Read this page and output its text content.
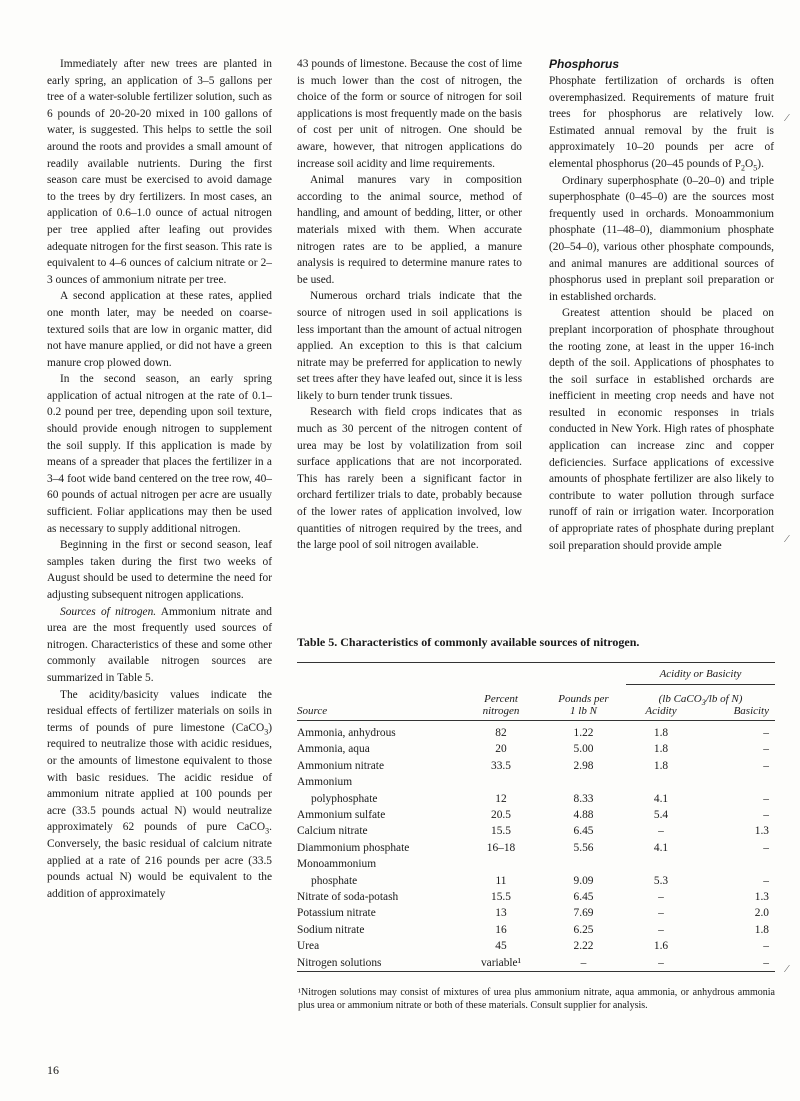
Immediately after new trees are planted in early spring, an application of 3–5 gallons per tree of a water-soluble fertilizer solution, such as 6 pounds of 20-20-20 mixed in 100 gallons of water, is suggested. This helps to settle the soil around the roots and provides a small amount of readily available nutrients. During the first season care must be exercised to avoid damage to the trees by dry fertilizers. In most cases, an application of 0.6–1.0 ounce of actual nitrogen per tree applied after leafing out provides adequate nitrogen for the first season. This rate is equivalent to 4–6 ounces of calcium nitrate or 2–3 ounces of ammonium nitrate per tree.

A second application at these rates, applied one month later, may be needed on coarse-textured soils that are low in organic matter, did not have manure applied, or did not have a green manure crop plowed down.

In the second season, an early spring application of actual nitrogen at the rate of 0.1–0.2 pound per tree, depending upon soil texture, should provide enough nitrogen to supplement the soil supply. If this application is made by means of a spreader that places the fertilizer in a 3–4 foot wide band centered on the tree row, 40–60 pounds of actual nitrogen per acre are usually sufficient. Foliar applications may then be used as necessary to supply additional nitrogen.

Beginning in the first or second season, leaf samples taken during the first two weeks of August should be used to determine the need for adjusting subsequent nitrogen applications.

Sources of nitrogen. Ammonium nitrate and urea are the most frequently used sources of nitrogen. Characteristics of these and some other commonly available nitrogen sources are summarized in Table 5.

The acidity/basicity values indicate the residual effects of fertilizer materials on soils in terms of pounds of pure limestone (CaCO$_3$) required to neutralize those with acidic residues, or the amounts of limestone equivalent to those with basic residues. The acidic residue of ammonium nitrate applied at 100 pounds per acre (33.5 pounds actual N) would neutralize approximately 62 pounds of pure CaCO$_3$. Conversely, the basic residual of calcium nitrate applied at a rate of 216 pounds per acre (33.5 pounds actual N) would be equivalent to the addition of approximately

43 pounds of limestone. Because the cost of lime is much lower than the cost of nitrogen, the choice of the form or source of nitrogen for soil applications is most frequently made on the basis of cost per unit of nitrogen. One should be aware, however, that nitrogen applications do increase soil acidity and lime requirements.

Animal manures vary in composition according to the animal source, method of handling, and amount of bedding, litter, or other materials mixed with them. When accurate nitrogen rates are to be applied, a manure analysis is required to determine manure rates to be used.

Numerous orchard trials indicate that the source of nitrogen used in soil applications is less important than the amount of actual nitrogen applied. An exception to this is that calcium nitrate may be preferred for application to newly set trees after they have leafed out, since it is less likely to burn tender trunk tissues.

Research with field crops indicates that as much as 30 percent of the nitrogen content of urea may be lost by volatilization from soil surface applications that are not incorporated. This has rarely been a significant factor in orchard fertilizer trials to date, probably because of the lower rates of application involved, low quantities of nitrogen required by the trees, and the large pool of soil nitrogen available.

Phosphorus

Phosphate fertilization of orchards is often overemphasized. Requirements of mature fruit trees for phosphorus are relatively low. Estimated annual removal by the fruit is approximately 10–20 pounds per acre of elemental phosphorus (20–45 pounds of $P_2O_5$).

Ordinary superphosphate (0–20–0) and triple superphosphate (0–45–0) are the sources most frequently used in orchards. Monoammonium phosphate (11–48–0), diammonium phosphate (20–54–0), various other phosphate compounds, and animal manures are additional sources of phosphorus used in preplant soil preparation or in established orchards.

Greatest attention should be placed on preplant incorporation of phosphate throughout the rooting zone, at least in the upper 16-inch depth of the soil. Applications of phosphates to the soil surface in established orchards are inefficient in meeting crop needs and have not resulted in economic responses in trials conducted in New York. High rates of phosphate application can increase zinc and copper deficiencies. Surface applications of excessive amounts of phosphate fertilizer are also likely to contribute to water pollution through surface runoff of rain or irrigation water. Incorporation of appropriate rates of phosphate during preplant soil preparation should provide ample

⁄
⁄
⁄
Table 5. Characteristics of commonly available sources of nitrogen.
			Acidity or Basicity	
	Percent	Pounds per	(lb CaCO$_3$/lb of N)	
Source	nitrogen	1 lb N	Acidity	Basicity
Ammonia, anhydrous	82	1.22	1.8	–
Ammonia, aqua	20	5.00	1.8	–
Ammonium nitrate	33.5	2.98	1.8	–
Ammonium				
polyphosphate	12	8.33	4.1	–
Ammonium sulfate	20.5	4.88	5.4	–
Calcium nitrate	15.5	6.45	–	1.3
Diammonium phosphate	16–18	5.56	4.1	–
Monoammonium				
phosphate	11	9.09	5.3	–
Nitrate of soda-potash	15.5	6.45	–	1.3
Potassium nitrate	13	7.69	–	2.0
Sodium nitrate	16	6.25	–	1.8
Urea	45	2.22	1.6	–
Nitrogen solutions	variable¹	–	–	–
¹Nitrogen solutions may consist of mixtures of urea plus ammonium nitrate, aqua ammonia, or anhydrous ammonia plus urea or ammonium nitrate or both of these materials. Consult supplier for analysis.
16
